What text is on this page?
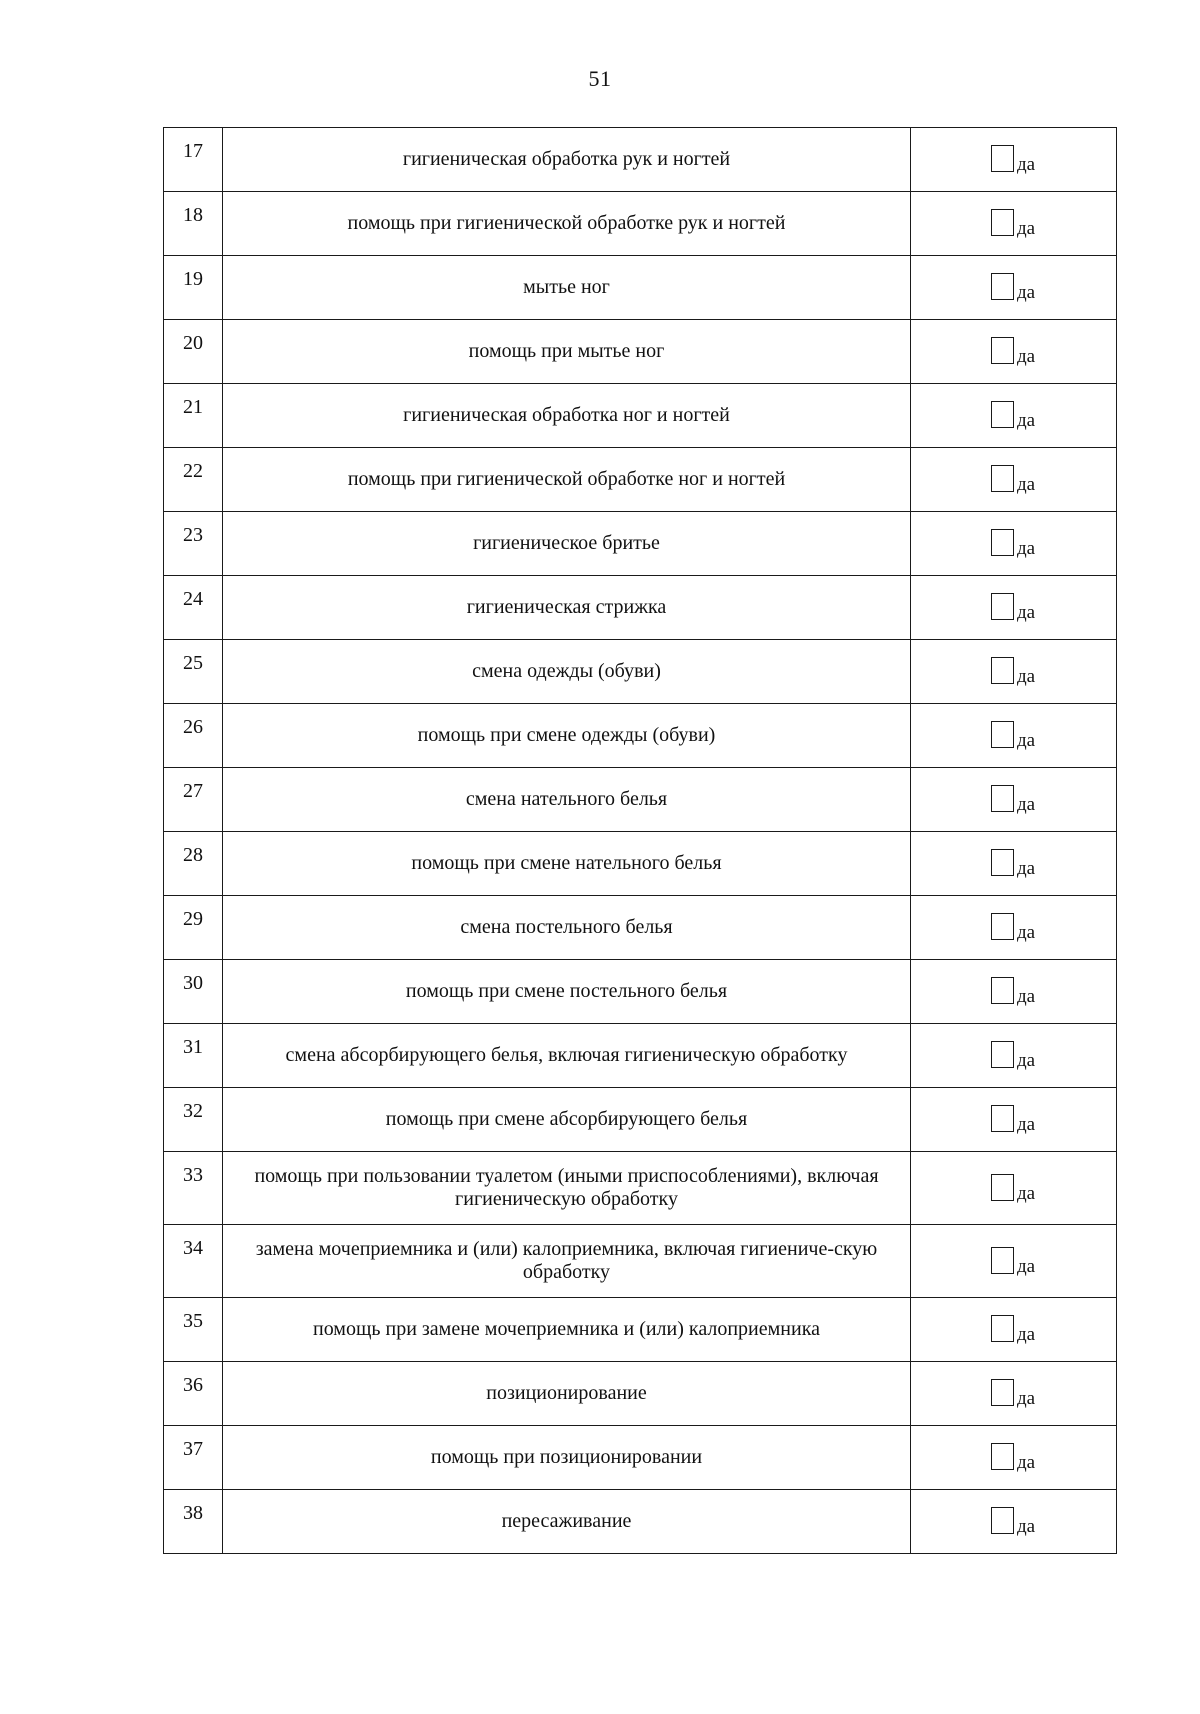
51
17	гигиеническая обработка рук и ногтей	да

18	помощь при гигиенической обработке рук и ногтей	да

19	мытье ног	да

20	помощь при мытье ног	да

21	гигиеническая обработка ног и ногтей	да

22	помощь при гигиенической обработке ног и ногтей	да

23	гигиеническое бритье	да

24	гигиеническая стрижка	да

25	смена одежды (обуви)	да

26	помощь при смене одежды (обуви)	да

27	смена нательного белья	да

28	помощь при смене нательного белья	да

29	смена постельного белья	да

30	помощь при смене постельного белья	да

31	смена абсорбирующего белья, включая гигиеническую обработку	да

32	помощь при смене абсорбирующего белья	да

33	помощь при пользовании туалетом (иными приспособлениями), включая гигиеническую обработку	да

34	замена мочеприемника и (или) калоприемника, включая гигиениче-скую обработку	да

35	помощь при замене мочеприемника и (или) калоприемника	да

36	позиционирование	да

37	помощь при позиционировании	да

38	пересаживание	да
